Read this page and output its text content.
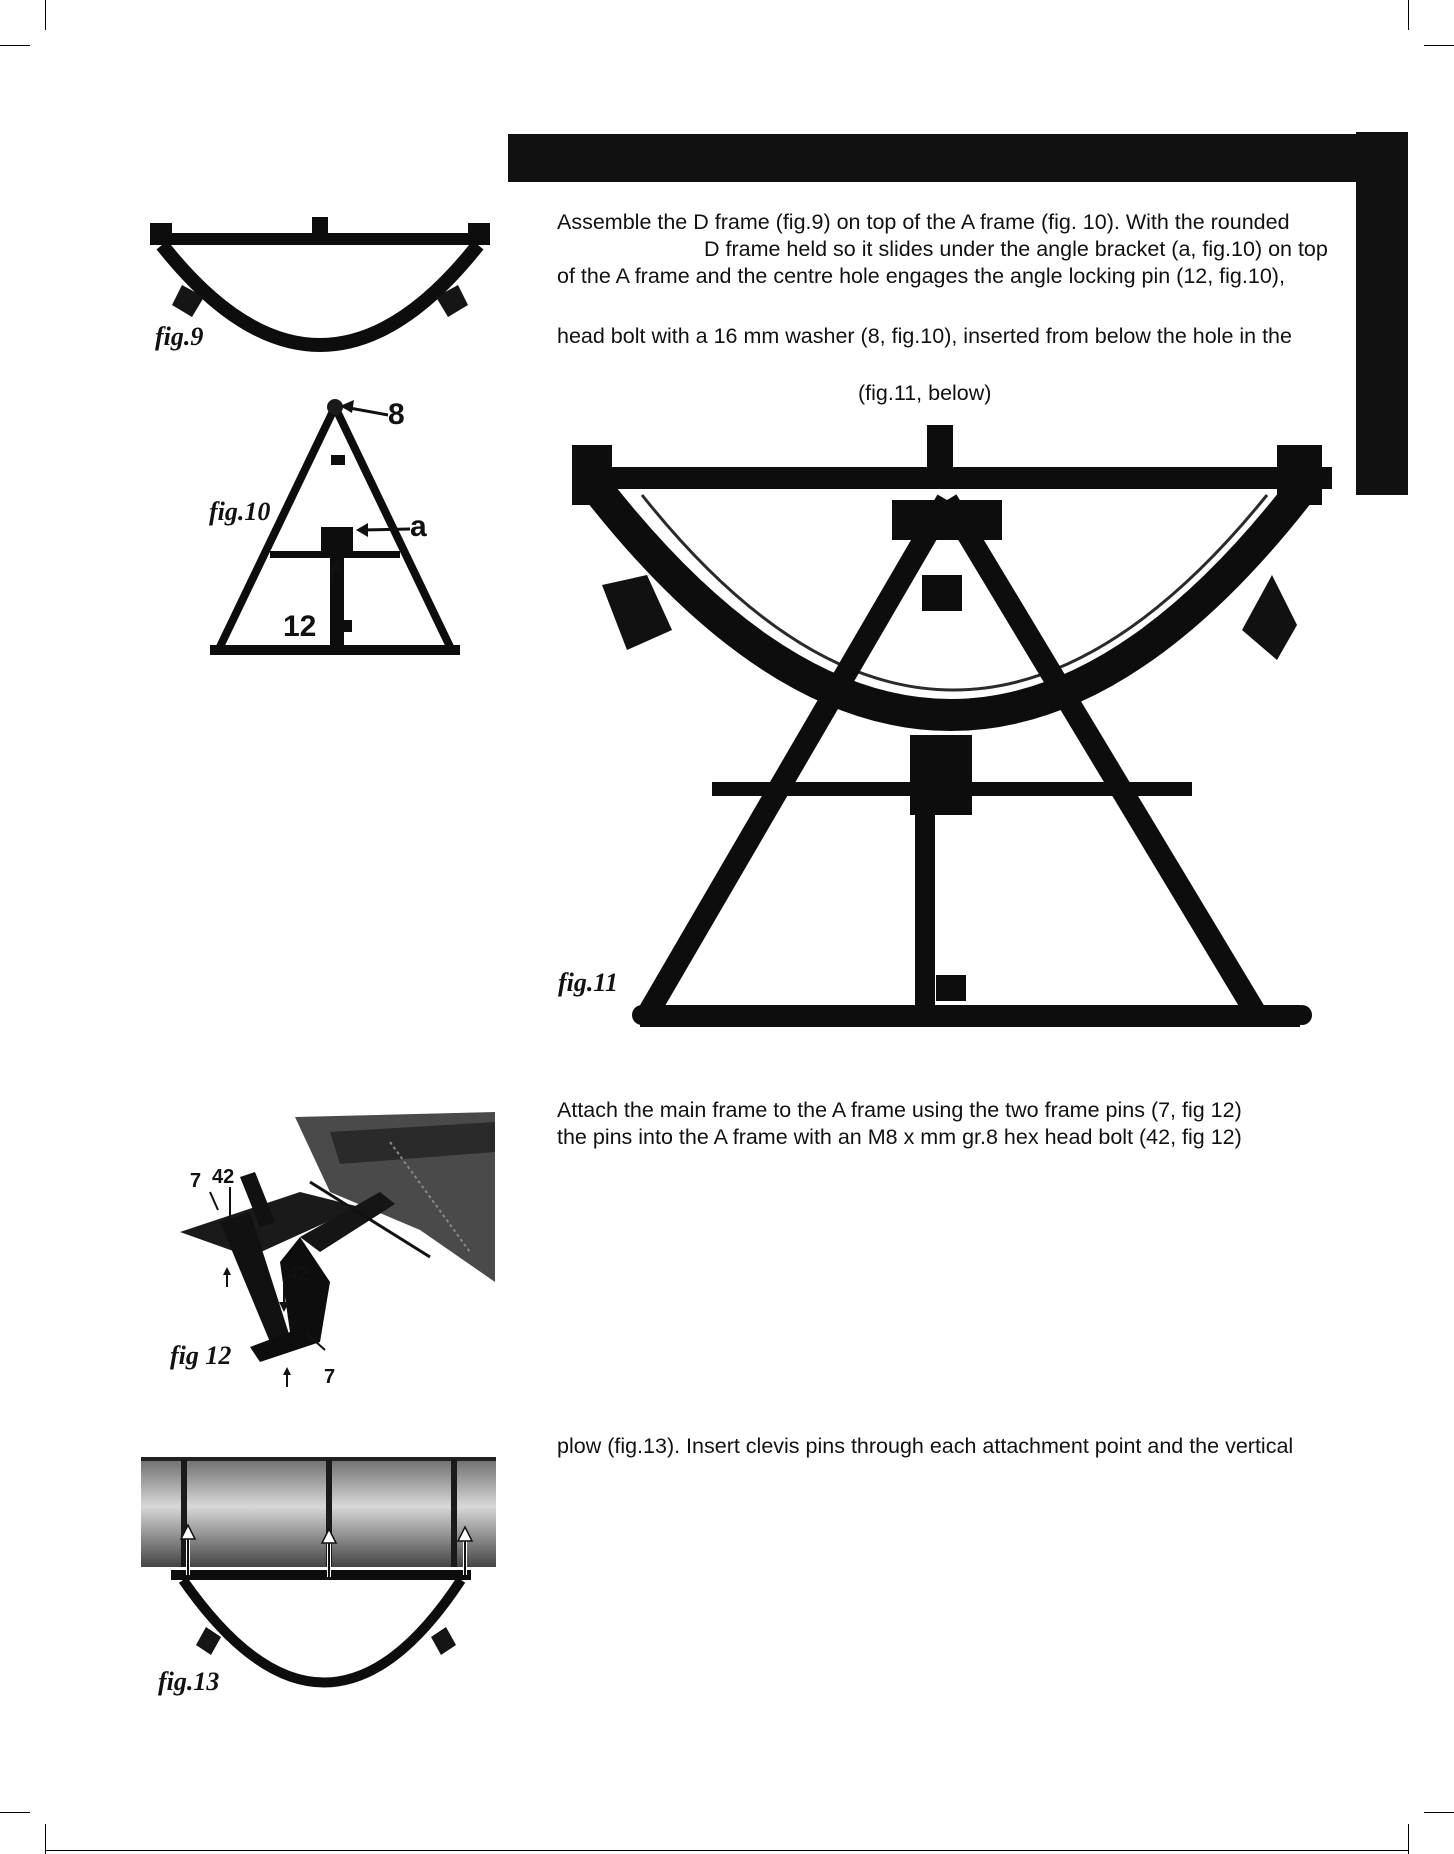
Assemble the D frame (fig.9) on top of the A frame (fig. 10). With the rounded
D frame held so it slides under the angle bracket (a, fig.10) on top
of the A frame and the centre hole engages the angle locking pin (12, fig.10),
head bolt with a 16 mm washer (8, fig.10), inserted from below the hole in the
(fig.11, below)
Attach the main frame to the A frame using the two frame pins (7, fig 12)
the pins into the A frame with an M8 x mm gr.8 hex head bolt (42, fig 12)
plow (fig.13). Insert clevis pins through each attachment point and the vertical
fig.9
8
a
12
fig.10
fig.11
7 42
42
7
fig 12
fig.13
